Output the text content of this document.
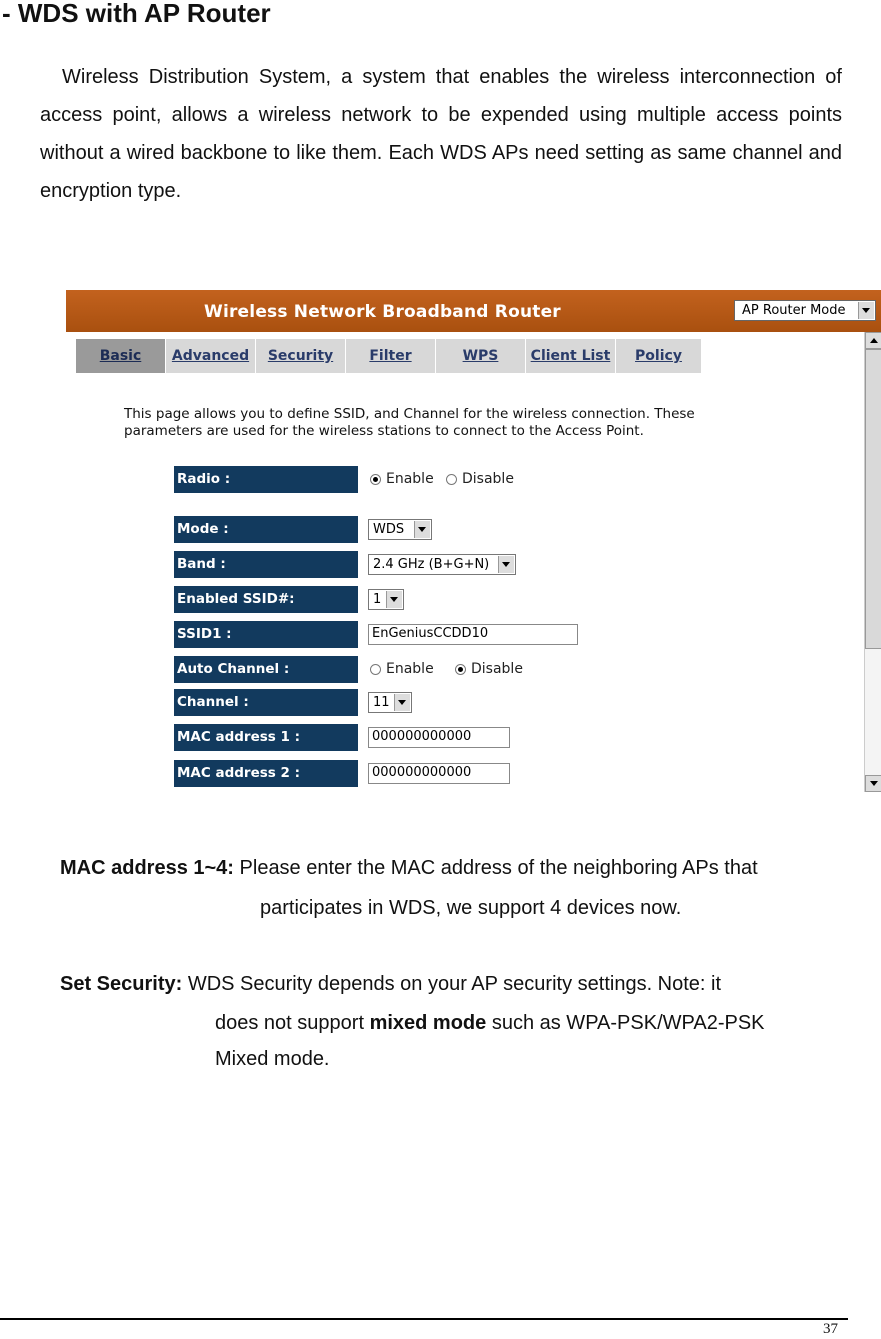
- WDS with AP Router

Wireless Distribution System, a system that enables the wireless interconnection of access point, allows a wireless network to be expended using multiple access points without a wired backbone to like them. Each WDS APs need setting as same channel and encryption type.

Wireless Network Broadband Router	AP Router Mode
Basic	Advanced	Security	Filter	WPS	Client List	Policy

This page allows you to define SSID, and Channel for the wireless connection. These parameters are used for the wireless stations to connect to the Access Point.

Radio :	Enable Disable
Mode :	WDS
Band :	2.4 GHz (B+G+N)
Enabled SSID#:	1
SSID1 :	EnGeniusCCDD10
Auto Channel :	Enable	Disable
Channel :	11
MAC address 1 :	000000000000
MAC address 2 :	000000000000

MAC address 1~4: Please enter the MAC address of the neighboring APs that

participates in WDS, we support 4 devices now.

Set Security: WDS Security depends on your AP security settings. Note: it

does not support mixed mode such as WPA-PSK/WPA2-PSK

Mixed mode.

37
